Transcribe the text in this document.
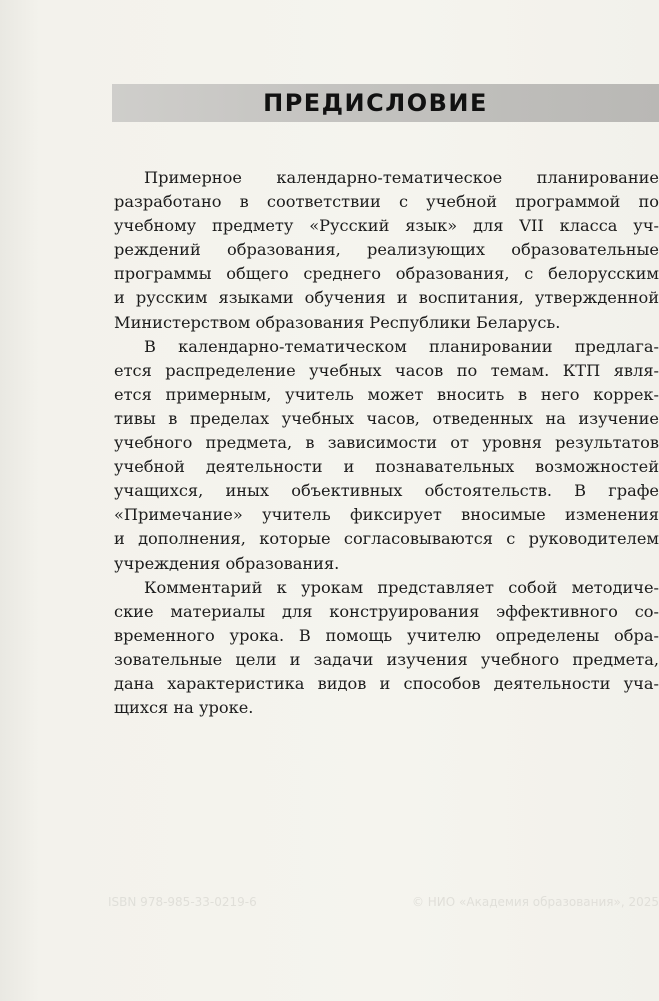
ПРЕДИСЛОВИЕ

Примерное календарно-тематическое планирование
разработано в соответствии с учебной программой по
учебному предмету «Русский язык» для VII класса уч-
реждений образования, реализующих образовательные
программы общего среднего образования, с белорусским
и русским языками обучения и воспитания, утвержденной
Министерством образования Республики Беларусь.

В календарно-тематическом планировании предлага-
ется распределение учебных часов по темам. КТП явля-
ется примерным, учитель может вносить в него коррек-
тивы в пределах учебных часов, отведенных на изучение
учебного предмета, в зависимости от уровня результатов
учебной деятельности и познавательных возможностей
учащихся, иных объективных обстоятельств. В графе
«Примечание» учитель фиксирует вносимые изменения
и дополнения, которые согласовываются с руководителем
учреждения образования.

Комментарий к урокам представляет собой методиче-
ские материалы для конструирования эффективного со-
временного урока. В помощь учителю определены обра-
зовательные цели и задачи изучения учебного предмета,
дана характеристика видов и способов деятельности уча-
щихся на уроке.

ISBN 978-985-33-0219-6	© НИО «Академия образования», 2025
